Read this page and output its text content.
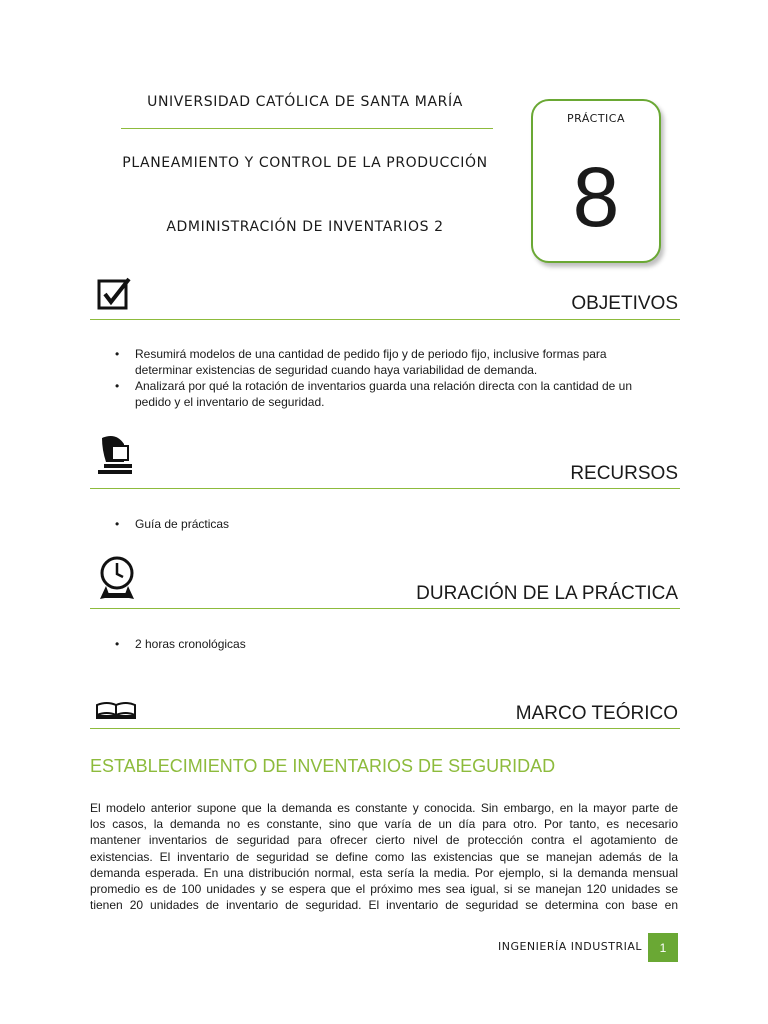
UNIVERSIDAD CATÓLICA DE SANTA MARÍA
PLANEAMIENTO Y CONTROL DE LA PRODUCCIÓN
ADMINISTRACIÓN DE INVENTARIOS 2
PRÁCTICA
8
OBJETIVOS
• Resumirá modelos de una cantidad de pedido fijo y de periodo fijo, inclusive formas para determinar existencias de seguridad cuando haya variabilidad de demanda.
• Analizará por qué la rotación de inventarios guarda una relación directa con la cantidad de un pedido y el inventario de seguridad.
RECURSOS
• Guía de prácticas
DURACIÓN DE LA PRÁCTICA
• 2 horas cronológicas
MARCO TEÓRICO
ESTABLECIMIENTO DE INVENTARIOS DE SEGURIDAD
El modelo anterior supone que la demanda es constante y conocida. Sin embargo, en la mayor parte de
los casos, la demanda no es constante, sino que varía de un día para otro. Por tanto, es necesario
mantener inventarios de seguridad para ofrecer cierto nivel de protección contra el agotamiento de
existencias. El inventario de seguridad se define como las existencias que se manejan además de la
demanda esperada. En una distribución normal, esta sería la media. Por ejemplo, si la demanda mensual
promedio es de 100 unidades y se espera que el próximo mes sea igual, si se manejan 120 unidades se
tienen 20 unidades de inventario de seguridad. El inventario de seguridad se determina con base en
INGENIERÍA INDUSTRIAL	1
